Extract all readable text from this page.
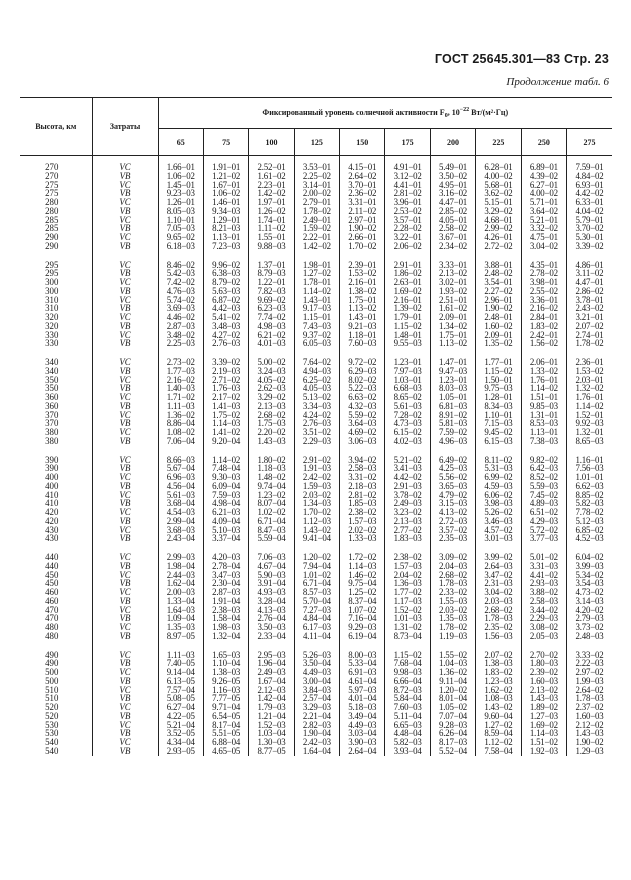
ГОСТ 25645.301—83 Стр. 23
Продолжение табл. 6
Высота, км	Затраты	Фиксированный уровень солнечной активности $F_0$, $10^{-22}$ Вт/(м²·Гц)									
		65	75	100	125	150	175	200	225	250	275

270	VC	1.66−01	1.91−01	2.52−01	3.53−01	4.15−01	4.91−01	5.49−01	6.28−01	6.89−01	7.59−01
270	VB	1.06−02	1.21−02	1.61−02	2.25−02	2.64−02	3.12−02	3.50−02	4.00−02	4.39−02	4.84−02
275	VC	1.45−01	1.67−01	2.23−01	3.14−01	3.70−01	4.41−01	4.95−01	5.68−01	6.27−01	6.93−01
275	VB	9.23−03	1.06−02	1.42−02	2.00−02	2.36−02	2.81−02	3.16−02	3.62−02	4.00−02	4.42−02
280	VC	1.26−01	1.46−01	1.97−01	2.79−01	3.31−01	3.96−01	4.47−01	5.15−01	5.71−01	6.33−01
280	VB	8.05−03	9.34−03	1.26−02	1.78−02	2.11−02	2.53−02	2.85−02	3.29−02	3.64−02	4.04−02
285	VC	1.10−01	1.29−01	1.74−01	2.49−01	2.97−01	3.57−01	4.05−01	4.68−01	5.21−01	5.79−01
285	VB	7.05−03	8.21−03	1.11−02	1.59−02	1.90−02	2.28−02	2.58−02	2.99−02	3.32−02	3.70−02
290	VC	9.65−02	1.13−01	1.55−01	2.22−01	2.66−01	3.22−01	3.67−01	4.26−01	4.75−01	5.30−01
290	VB	6.18−03	7.23−03	9.88−03	1.42−02	1.70−02	2.06−02	2.34−02	2.72−02	3.04−02	3.39−02

295	VC	8.46−02	9.96−02	1.37−01	1.98−01	2.39−01	2.91−01	3.33−01	3.88−01	4.35−01	4.86−01
295	VB	5.42−03	6.38−03	8.79−03	1.27−02	1.53−02	1.86−02	2.13−02	2.48−02	2.78−02	3.11−02
300	VC	7.42−02	8.79−02	1.22−01	1.78−01	2.16−01	2.63−01	3.02−01	3.54−01	3.98−01	4.47−01
300	VB	4.76−03	5.63−03	7.82−03	1.14−02	1.38−02	1.69−02	1.93−02	2.27−02	2.55−02	2.86−02
310	VC	5.74−02	6.87−02	9.69−02	1.43−01	1.75−01	2.16−01	2.51−01	2.96−01	3.36−01	3.78−01
310	VB	3.69−03	4.42−03	6.23−03	9.17−03	1.13−02	1.39−02	1.61−02	1.90−02	2.16−02	2.43−02
320	VC	4.46−02	5.41−02	7.74−02	1.15−01	1.43−01	1.79−01	2.09−01	2.48−01	2.84−01	3.21−01
320	VB	2.87−03	3.48−03	4.98−03	7.43−03	9.21−03	1.15−02	1.34−02	1.60−02	1.83−02	2.07−02
330	VC	3.48−02	4.27−02	6.21−02	9.37−02	1.18−01	1.48−01	1.75−01	2.09−01	2.42−01	2.74−01
330	VB	2.25−03	2.76−03	4.01−03	6.05−03	7.60−03	9.55−03	1.13−02	1.35−02	1.56−02	1.78−02

340	VC	2.73−02	3.39−02	5.00−02	7.64−02	9.72−02	1.23−01	1.47−01	1.77−01	2.06−01	2.36−01
340	VB	1.77−03	2.19−03	3.24−03	4.94−03	6.29−03	7.97−03	9.47−03	1.15−02	1.33−02	1.53−02
350	VC	2.16−02	2.71−02	4.05−02	6.25−02	8.02−02	1.03−01	1.23−01	1.50−01	1.76−01	2.03−01
350	VB	1.40−03	1.76−03	2.62−03	4.05−03	5.22−03	6.68−03	8.03−03	9.75−03	1.14−02	1.32−02
360	VC	1.71−02	2.17−02	3.29−02	5.13−02	6.63−02	8.65−02	1.05−01	1.28−01	1.51−01	1.76−01
360	VB	1.11−03	1.41−03	2.13−03	3.34−03	4.32−03	5.61−03	6.81−03	8.34−03	9.85−03	1.14−02
370	VC	1.36−02	1.75−02	2.68−02	4.24−02	5.59−02	7.28−02	8.91−02	1.10−01	1.31−01	1.52−01
370	VB	8.86−04	1.14−03	1.75−03	2.76−03	3.64−03	4.73−03	5.81−03	7.15−03	8.53−03	9.92−03
380	VC	1.08−02	1.41−02	2.20−02	3.51−02	4.69−02	6.15−02	7.59−02	9.45−02	1.13−01	1.32−01
380	VB	7.06−04	9.20−04	1.43−03	2.29−03	3.06−03	4.02−03	4.96−03	6.15−03	7.38−03	8.65−03

390	VC	8.66−03	1.14−02	1.80−02	2.91−02	3.94−02	5.21−02	6.49−02	8.11−02	9.82−02	1.16−01
390	VB	5.67−04	7.48−04	1.18−03	1.91−03	2.58−03	3.41−03	4.25−03	5.31−03	6.42−03	7.56−03
400	VC	6.96−03	9.30−03	1.48−02	2.42−02	3.31−02	4.42−02	5.56−02	6.99−02	8.52−02	1.01−01
400	VB	4.56−04	6.09−04	9.74−04	1.59−03	2.18−03	2.91−03	3.65−03	4.59−03	5.59−03	6.62−03
410	VC	5.61−03	7.59−03	1.23−02	2.03−02	2.81−02	3.78−02	4.79−02	6.06−02	7.45−02	8.85−02
410	VB	3.68−04	4.98−04	8.07−04	1.34−03	1.85−03	2.49−03	3.15−03	3.98−03	4.89−03	5.82−03
420	VC	4.54−03	6.21−03	1.02−02	1.70−02	2.38−02	3.23−02	4.13−02	5.26−02	6.51−02	7.78−02
420	VB	2.99−04	4.09−04	6.71−04	1.12−03	1.57−03	2.13−03	2.72−03	3.46−03	4.29−03	5.12−03
430	VC	3.68−03	5.10−03	8.47−03	1.43−02	2.02−02	2.77−02	3.57−02	4.57−02	5.72−02	6.85−02
430	VB	2.43−04	3.37−04	5.59−04	9.41−04	1.33−03	1.83−03	2.35−03	3.01−03	3.77−03	4.52−03

440	VC	2.99−03	4.20−03	7.06−03	1.20−02	1.72−02	2.38−02	3.09−02	3.99−02	5.01−02	6.04−02
440	VB	1.98−04	2.78−04	4.67−04	7.94−04	1.14−03	1.57−03	2.04−03	2.64−03	3.31−03	3.99−03
450	VC	2.44−03	3.47−03	5.90−03	1.01−02	1.46−02	2.04−02	2.68−02	3.47−02	4.41−02	5.34−02
450	VB	1.62−04	2.30−04	3.91−04	6.71−04	9.75−04	1.36−03	1.78−03	2.31−03	2.93−03	3.54−03
460	VC	2.00−03	2.87−03	4.93−03	8.57−03	1.25−02	1.77−02	2.33−02	3.04−02	3.88−02	4.73−02
460	VB	1.33−04	1.91−04	3.28−04	5.70−04	8.37−04	1.17−03	1.55−03	2.03−03	2.58−03	3.14−03
470	VC	1.64−03	2.38−03	4.13−03	7.27−03	1.07−02	1.52−02	2.03−02	2.68−02	3.44−02	4.20−02
470	VB	1.09−04	1.58−04	2.76−04	4.84−04	7.16−04	1.01−03	1.35−03	1.78−03	2.29−03	2.79−03
480	VC	1.35−03	1.98−03	3.50−03	6.17−03	9.29−03	1.31−02	1.78−02	2.35−02	3.08−02	3.73−02
480	VB	8.97−05	1.32−04	2.33−04	4.11−04	6.19−04	8.73−04	1.19−03	1.56−03	2.05−03	2.48−03

490	VC	1.11−03	1.65−03	2.95−03	5.26−03	8.00−03	1.15−02	1.55−02	2.07−02	2.70−02	3.33−02
490	VB	7.40−05	1.10−04	1.96−04	3.50−04	5.33−04	7.68−04	1.04−03	1.38−03	1.80−03	2.22−03
500	VC	9.14−04	1.38−03	2.49−03	4.49−03	6.91−03	9.98−03	1.36−02	1.83−02	2.39−02	2.97−02
500	VB	6.13−05	9.26−05	1.67−04	3.00−04	4.61−04	6.66−04	9.11−04	1.23−03	1.60−03	1.99−03
510	VC	7.57−04	1.16−03	2.12−03	3.84−03	5.97−03	8.72−03	1.20−02	1.62−02	2.13−02	2.64−02
510	VB	5.08−05	7.77−05	1.42−04	2.57−04	4.01−04	5.84−04	8.01−04	1.08−03	1.43−03	1.78−03
520	VC	6.27−04	9.71−04	1.79−03	3.29−03	5.18−03	7.60−03	1.05−02	1.43−02	1.89−02	2.37−02
520	VB	4.22−05	6.54−05	1.21−04	2.21−04	3.49−04	5.11−04	7.07−04	9.60−04	1.27−03	1.60−03
530	VC	5.21−04	8.17−04	1.52−03	2.82−03	4.49−03	6.65−03	9.28−03	1.27−02	1.69−02	2.12−02
530	VB	3.52−05	5.51−05	1.03−04	1.90−04	3.03−04	4.48−04	6.26−04	8.59−04	1.14−03	1.43−03
540	VC	4.34−04	6.88−04	1.30−03	2.42−03	3.90−03	5.82−03	8.17−03	1.12−02	1.51−02	1.90−02
540	VB	2.93−05	4.65−05	8.77−05	1.64−04	2.64−04	3.93−04	5.52−04	7.58−04	1.92−03	1.29−03
